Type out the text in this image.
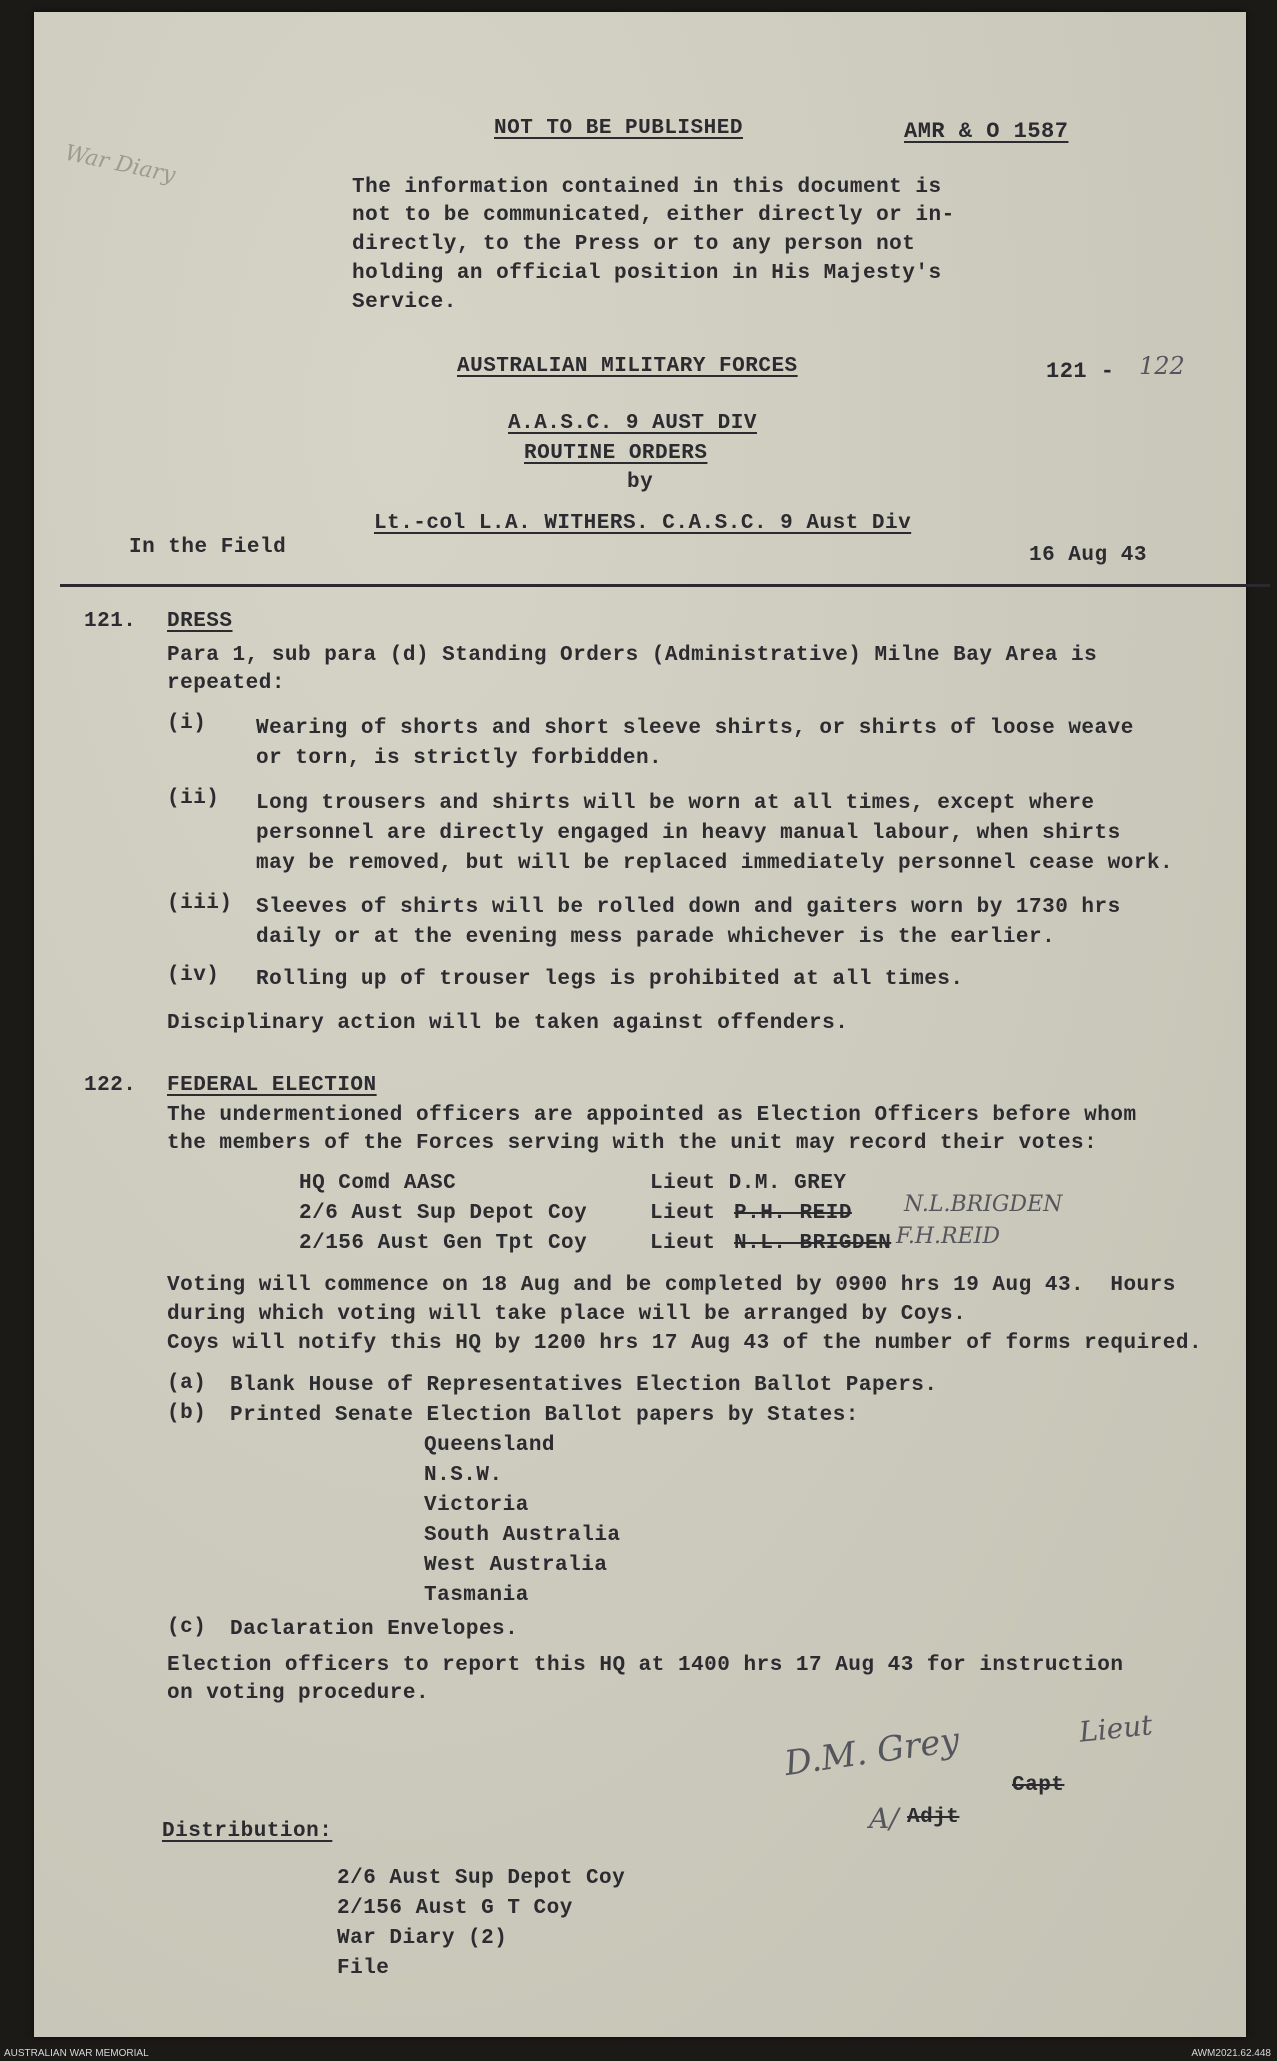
NOT TO BE PUBLISHED	AMR & O 1587
War Diary	The information contained in this document is
not to be communicated, either directly or in-
directly, to the Press or to any person not
holding an official position in His Majesty's
Service.
AUSTRALIAN MILITARY FORCES	121 - 122
A.A.S.C. 9 AUST DIV
ROUTINE ORDERS
by
Lt.-col L.A. WITHERS. C.A.S.C. 9 Aust Div
In the Field	16 Aug 43
121. DRESS
Para 1, sub para (d) Standing Orders (Administrative) Milne Bay Area is
repeated:
(i) Wearing of shorts and short sleeve shirts, or shirts of loose weave
or torn, is strictly forbidden.
(ii) Long trousers and shirts will be worn at all times, except where
personnel are directly engaged in heavy manual labour, when shirts
may be removed, but will be replaced immediately personnel cease work.
(iii) Sleeves of shirts will be rolled down and gaiters worn by 1730 hrs
daily or at the evening mess parade whichever is the earlier.
(iv) Rolling up of trouser legs is prohibited at all times.
Disciplinary action will be taken against offenders.
122. FEDERAL ELECTION
The undermentioned officers are appointed as Election Officers before whom
the members of the Forces serving with the unit may record their votes:
HQ Comd AASC	Lieut D.M. GREY
2/6 Aust Sup Depot Coy	Lieut P.H. REID N.L.BRIGDEN
2/156 Aust Gen Tpt Coy	Lieut N.L. BRIGDEN F.H.REID
Voting will commence on 18 Aug and be completed by 0900 hrs 19 Aug 43.  Hours
during which voting will take place will be arranged by Coys.
Coys will notify this HQ by 1200 hrs 17 Aug 43 of the number of forms required.
(a) Blank House of Representatives Election Ballot Papers.
(b) Printed Senate Election Ballot papers by States:
Queensland
N.S.W.
Victoria
South Australia
West Australia
Tasmania
(c) Daclaration Envelopes.
Election officers to report this HQ at 1400 hrs 17 Aug 43 for instruction
on voting procedure.
D.M. Grey	Lieut
Capt
A/ Adjt
Distribution:
2/6 Aust Sup Depot Coy
2/156 Aust G T Coy
War Diary (2)
File
AUSTRALIAN WAR MEMORIAL	AWM2021.62.448
